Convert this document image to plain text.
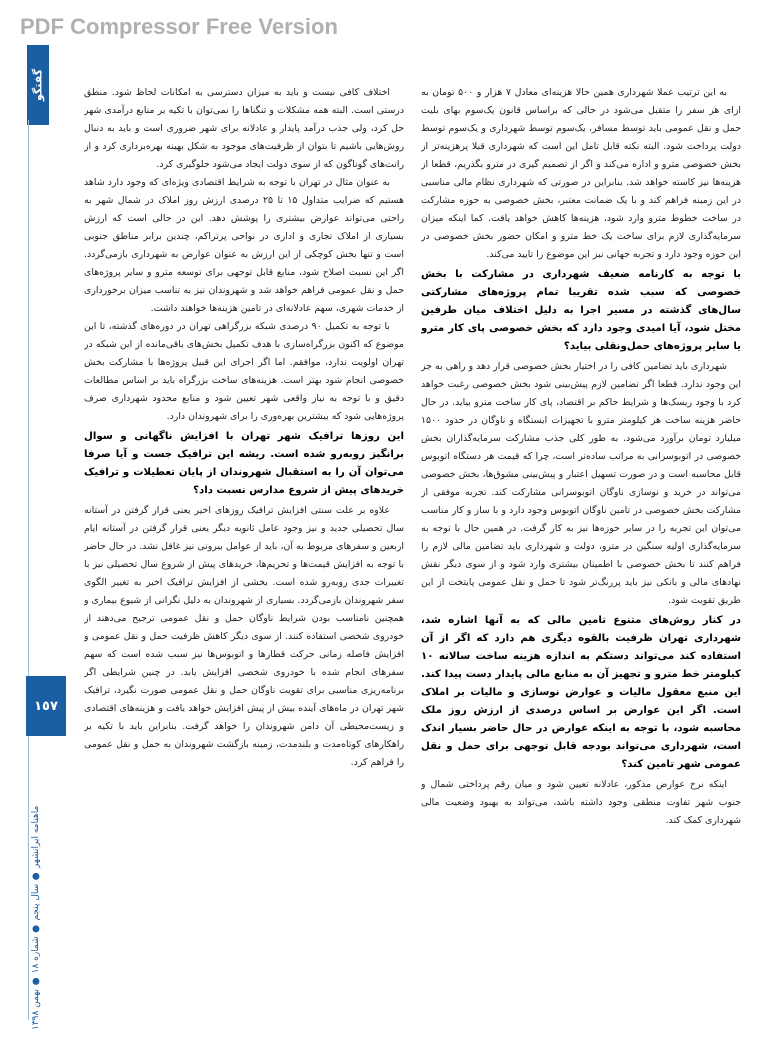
PDF Compressor Free Version
گفتگو
١٥٧
ماهنامه ایرانشهر ● سال پنجم ● شماره ١٨ ● بهمن ١٣٩٨

به این ترتیب عملا شهرداری همین حالا هزینه‌ای معادل ۷ هزار و ۵۰۰ تومان به ازای هر سفر را متقبل می‌شود در حالی که براساس قانون یک‌سوم بهای بلیت حمل و نقل عمومی باید توسط مسافر، یک‌سوم توسط شهرداری و یک‌سوم توسط دولت پرداخت شود. البته نکته قابل تامل این است که شهرداری قبلا پرهزینه‌تر از بخش خصوصی مترو و اداره می‌کند و اگر از تصمیم گیری در مترو بگذریم، قطعا از هزینه‌ها نیز کاسته خواهد شد. بنابراین در صورتی که شهرداری نظام مالی مناسبی در این زمینه فراهم کند و با یک ضمانت معتبر، بخش خصوصی به حوزه مشارکت در ساخت خطوط مترو وارد شود، هزینه‌ها کاهش خواهد یافت. کما اینکه میزان سرمایه‌گذاری لازم برای ساخت یک خط مترو و امکان حضور بخش خصوصی در این حوزه وجود دارد و تجربه جهانی نیز این موضوع را تایید می‌کند.

با توجه به کارنامه ضعیف شهرداری در مشارکت با بخش خصوصی که سبب شده تقریبا تمام پروژه‌های مشارکتی سال‌های گذشته در مسیر اجرا به دلیل اختلاف میان طرفین مختل شود، آیا امیدی وجود دارد که بخش خصوصی پای کار مترو یا سایر پروژه‌های حمل‌ونقلی بیاید؟

شهرداری باید تضامین کافی را در اختیار بخش خصوصی قرار دهد و راهی به جز این وجود ندارد. قطعا اگر تضامین لازم پیش‌بینی شود بخش خصوصی رغبت خواهد کرد با وجود ریسک‌ها و شرایط حاکم بر اقتصاد، پای کار ساخت مترو بیاید. در حال حاضر هزینه ساخت هر کیلومتر مترو با تجهیزات ایستگاه و ناوگان در حدود ۱۵۰۰ میلیارد تومان برآورد می‌شود. به طور کلی جذب مشارکت سرمایه‌گذاران بخش خصوصی در اتوبوسرانی به مراتب ساده‌تر است، چرا که قیمت هر دستگاه اتوبوس قابل محاسبه است و در صورت تسهیل اعتبار و پیش‌بینی مشوق‌ها، بخش خصوصی می‌تواند در خرید و نوسازی ناوگان اتوبوسرانی مشارکت کند. تجربه موفقی از مشارکت بخش خصوصی در تامین ناوگان اتوبوس وجود دارد و با ساز و کار مناسب می‌توان این تجربه را در سایر حوزه‌ها نیز به کار گرفت. در همین حال با توجه به سرمایه‌گذاری اولیه سنگین در مترو، دولت و شهرداری باید تضامین مالی لازم را فراهم کنند تا بخش خصوصی با اطمینان بیشتری وارد شود و از سوی دیگر نقش نهادهای مالی و بانکی نیز باید پررنگ‌تر شود تا حمل و نقل عمومی پایتخت از این طریق تقویت شود.

در کنار روش‌های متنوع تامین مالی که به آنها اشاره شد، شهرداری تهران ظرفیت بالقوه دیگری هم دارد که اگر از آن استفاده کند می‌تواند دستکم به اندازه هزینه ساخت سالانه ۱۰ کیلومتر خط مترو و تجهیز آن به منابع مالی پایدار دست پیدا کند. این منبع معقول مالیات و عوارض نوسازی و مالیات بر املاک است. اگر این عوارض بر اساس درصدی از ارزش روز ملک محاسبه شود، با توجه به اینکه عوارض در حال حاضر بسیار اندک است، شهرداری می‌تواند بودجه قابل توجهی برای حمل و نقل عمومی شهر تامین کند؟

اینکه نرخ عوارض مذکور، عادلانه تعیین شود و میان رقم پرداختی شمال و جنوب شهر تفاوت منطقی وجود داشته باشد، می‌تواند به بهبود وضعیت مالی شهرداری کمک کند.

اختلاف کافی نیست و باید به میزان دسترسی به امکانات لحاظ شود. منطق درستی است. البته همه مشکلات و تنگناها را نمی‌توان با تکیه بر منابع درآمدی شهر حل کرد، ولی جذب درآمد پایدار و عادلانه برای شهر ضروری است و باید به دنبال روش‌هایی باشیم تا بتوان از ظرفیت‌های موجود به شکل بهینه بهره‌برداری کرد و از رانت‌های گوناگون که از سوی دولت ایجاد می‌شود جلوگیری کرد.

به عنوان مثال در تهران با توجه به شرایط اقتصادی ویژه‌ای که وجود دارد شاهد هستیم که ضرایب متداول ۱۵ تا ۲۵ درصدی ارزش روز املاک در شمال شهر به راحتی می‌تواند عوارض بیشتری را پوشش دهد. این در حالی است که ارزش بسیاری از املاک تجاری و اداری در نواحی پرتراکم، چندین برابر مناطق جنوبی است و تنها بخش کوچکی از این ارزش به عنوان عوارض به شهرداری بازمی‌گردد. اگر این نسبت اصلاح شود، منابع قابل توجهی برای توسعه مترو و سایر پروژه‌های حمل و نقل عمومی فراهم خواهد شد و شهروندان نیز به تناسب میزان برخورداری از خدمات شهری، سهم عادلانه‌ای در تامین هزینه‌ها خواهند داشت.

با توجه به تکمیل ۹۰ درصدی شبکه بزرگراهی تهران در دوره‌های گذشته، تا این موضوع که اکنون بزرگراه‌سازی با هدف تکمیل بخش‌های باقی‌مانده از این شبکه در تهران اولویت ندارد، موافقم. اما اگر اجرای این قبیل پروژه‌ها با مشارکت بخش خصوصی انجام شود بهتر است. هزینه‌های ساخت بزرگراه باید بر اساس مطالعات دقیق و با توجه به نیاز واقعی شهر تعیین شود و منابع محدود شهرداری صرف پروژه‌هایی شود که بیشترین بهره‌وری را برای شهروندان دارد.

این روزها ترافیک شهر تهران با افزایش ناگهانی و سوال برانگیز روبه‌رو شده است. ریشه این ترافیک جست و آیا صرفا می‌توان آن را به استقبال شهروندان از پایان تعطیلات و ترافیک خریدهای پیش از شروع مدارس نسبت داد؟

علاوه بر علت سنتی افزایش ترافیک روزهای اخیر یعنی قرار گرفتن در آستانه سال تحصیلی جدید و نیز وجود عامل ثانویه دیگر یعنی قرار گرفتن در آستانه ایام اربعین و سفرهای مربوط به آن، باید از عوامل بیرونی نیز غافل نشد. در حال حاضر با توجه به افزایش قیمت‌ها و تحریم‌ها، خریدهای پیش از شروع سال تحصیلی نیز با تغییرات جدی روبه‌رو شده است. بخشی از افزایش ترافیک اخیر به تغییر الگوی سفر شهروندان بازمی‌گردد. بسیاری از شهروندان به دلیل نگرانی از شیوع بیماری و همچنین نامناسب بودن شرایط ناوگان حمل و نقل عمومی ترجیح می‌دهند از خودروی شخصی استفاده کنند. از سوی دیگر کاهش ظرفیت حمل و نقل عمومی و افزایش فاصله زمانی حرکت قطارها و اتوبوس‌ها نیز سبب شده است که سهم سفرهای انجام شده با خودروی شخصی افزایش یابد. در چنین شرایطی اگر برنامه‌ریزی مناسبی برای تقویت ناوگان حمل و نقل عمومی صورت نگیرد، ترافیک شهر تهران در ماه‌های آینده بیش از پیش افزایش خواهد یافت و هزینه‌های اقتصادی و زیست‌محیطی آن دامن شهروندان را خواهد گرفت. بنابراین باید با تکیه بر راهکارهای کوتاه‌مدت و بلندمدت، زمینه بازگشت شهروندان به حمل و نقل عمومی را فراهم کرد.
